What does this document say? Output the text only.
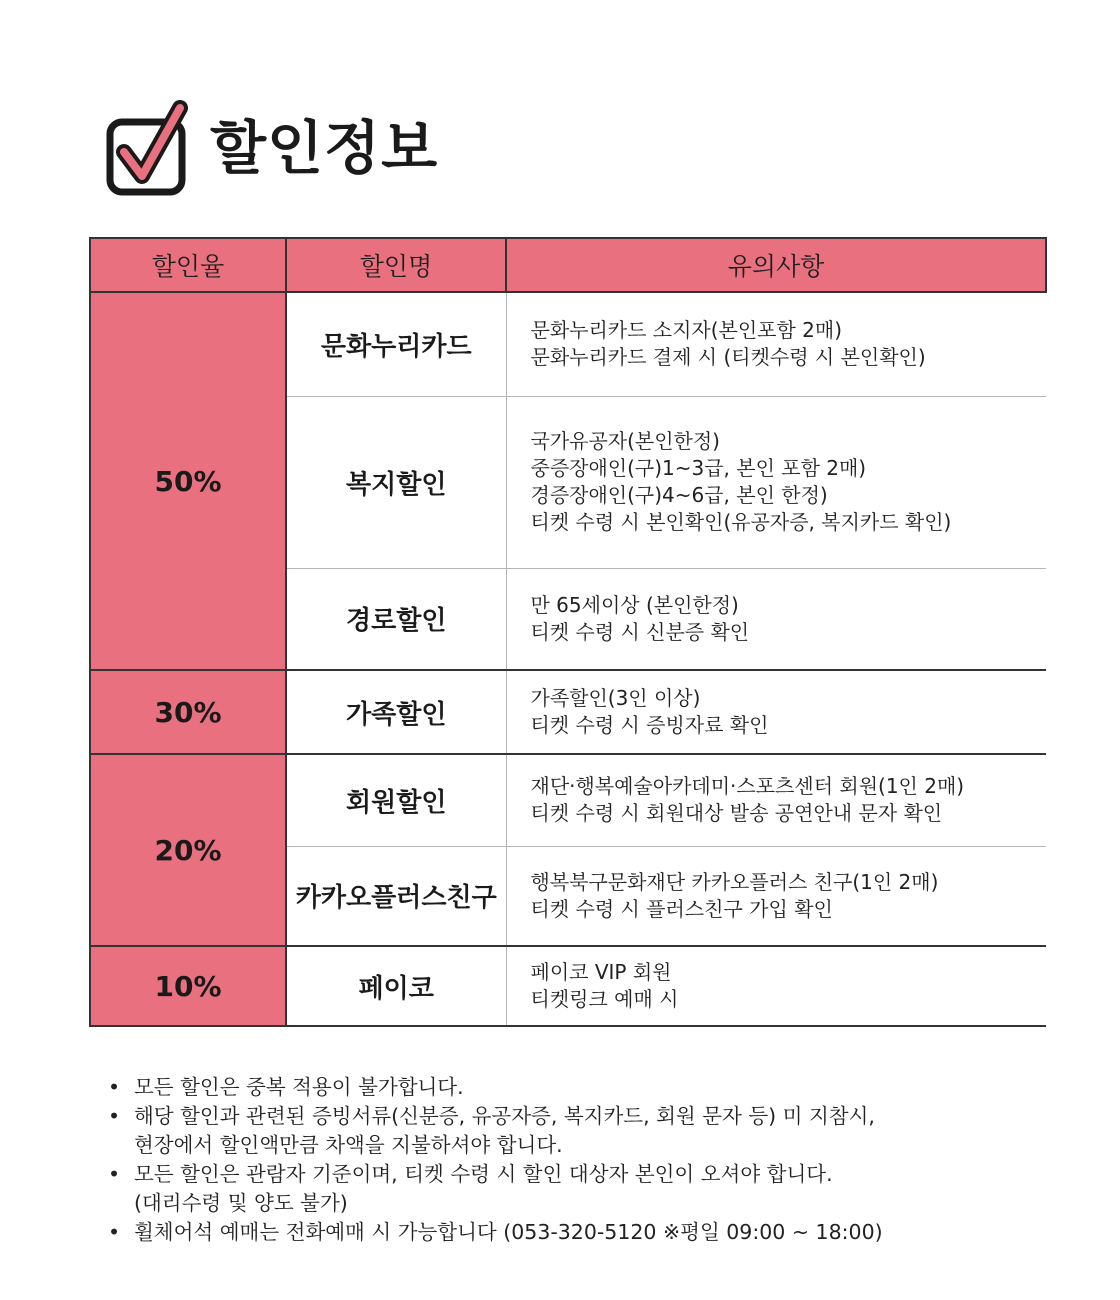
할인정보
할인율	할인명	유의사항
50%	문화누리카드	문화누리카드 소지자(본인포함 2매)
문화누리카드 결제 시 (티켓수령 시 본인확인)

	복지할인	국가유공자(본인한정)
중증장애인(구)1~3급, 본인 포함 2매)
경증장애인(구)4~6급, 본인 한정)
티켓 수령 시 본인확인(유공자증, 복지카드 확인)

	경로할인	만 65세이상 (본인한정)
티켓 수령 시 신분증 확인

30%	가족할인	가족할인(3인 이상)
티켓 수령 시 증빙자료 확인

20%	회원할인	재단·행복예술아카데미·스포츠센터 회원(1인 2매)
티켓 수령 시 회원대상 발송 공연안내 문자 확인

	카카오플러스친구	행복북구문화재단 카카오플러스 친구(1인 2매)
티켓 수령 시 플러스친구 가입 확인

10%	페이코	페이코 VIP 회원
티켓링크 예매 시
• 모든 할인은 중복 적용이 불가합니다.
• 해당 할인과 관련된 증빙서류(신분증, 유공자증, 복지카드, 회원 문자 등) 미 지참시,
현장에서 할인액만큼 차액을 지불하셔야 합니다.
• 모든 할인은 관람자 기준이며, 티켓 수령 시 할인 대상자 본인이 오셔야 합니다.
(대리수령 및 양도 불가)
• 휠체어석 예매는 전화예매 시 가능합니다 (053-320-5120 ※평일 09:00 ~ 18:00)
